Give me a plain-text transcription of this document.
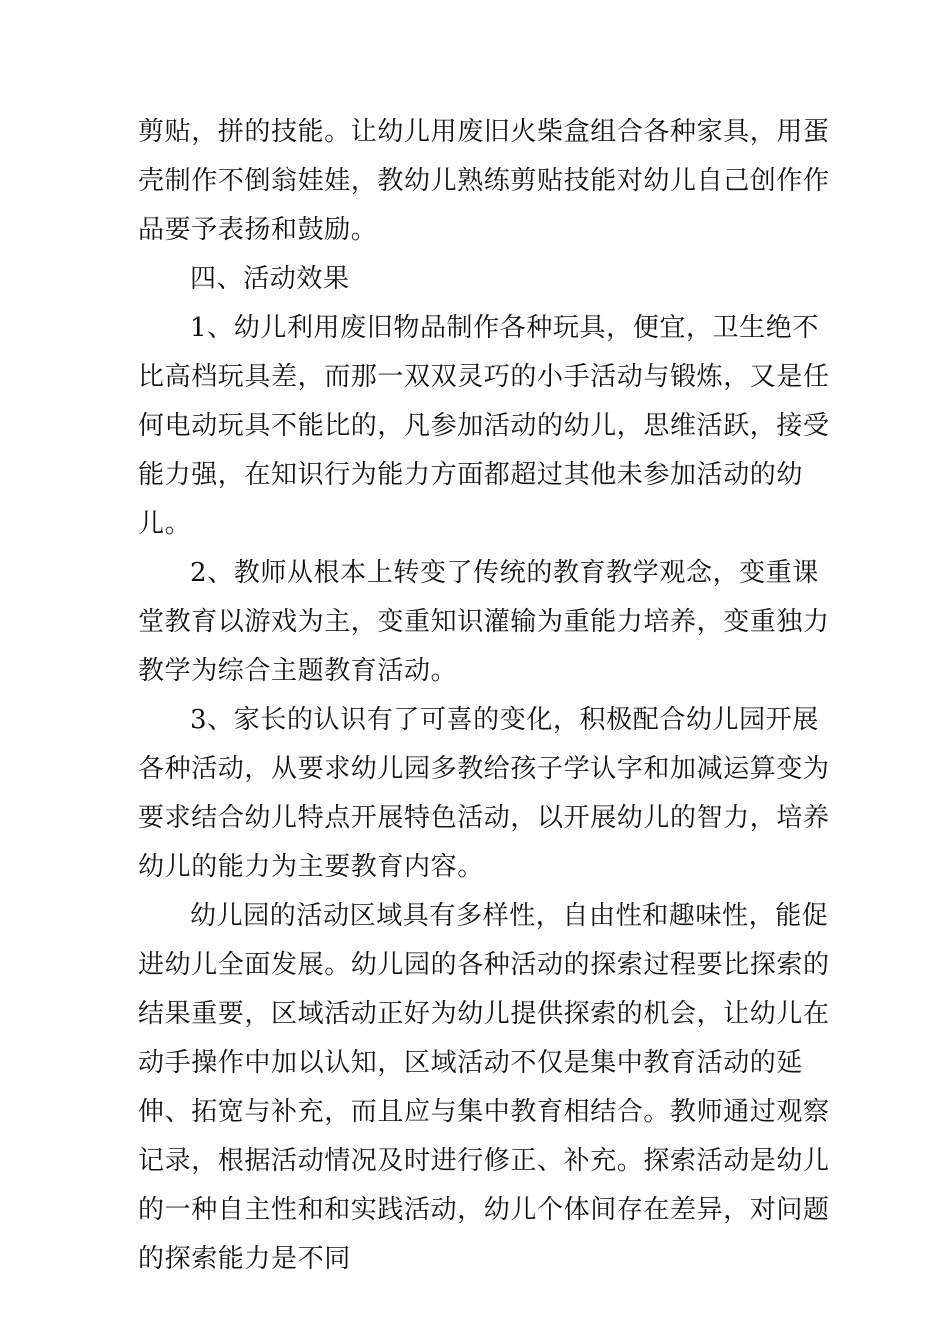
剪贴，拼的技能。让幼儿用废旧火柴盒组合各种家具，用蛋壳制作不倒翁娃娃，教幼儿熟练剪贴技能对幼儿自己创作作品要予表扬和鼓励。

四、活动效果

1、幼儿利用废旧物品制作各种玩具，便宜，卫生绝不比高档玩具差，而那一双双灵巧的小手活动与锻炼，又是任何电动玩具不能比的，凡参加活动的幼儿，思维活跃，接受能力强，在知识行为能力方面都超过其他未参加活动的幼儿。

2、教师从根本上转变了传统的教育教学观念，变重课堂教育以游戏为主，变重知识灌输为重能力培养，变重独力教学为综合主题教育活动。

3、家长的认识有了可喜的变化，积极配合幼儿园开展各种活动，从要求幼儿园多教给孩子学认字和加减运算变为要求结合幼儿特点开展特色活动，以开展幼儿的智力，培养幼儿的能力为主要教育内容。

幼儿园的活动区域具有多样性，自由性和趣味性，能促进幼儿全面发展。幼儿园的各种活动的探索过程要比探索的结果重要，区域活动正好为幼儿提供探索的机会，让幼儿在动手操作中加以认知，区域活动不仅是集中教育活动的延伸、拓宽与补充，而且应与集中教育相结合。教师通过观察记录，根据活动情况及时进行修正、补充。探索活动是幼儿的一种自主性和和实践活动，幼儿个体间存在差异，对问题的探索能力是不同
